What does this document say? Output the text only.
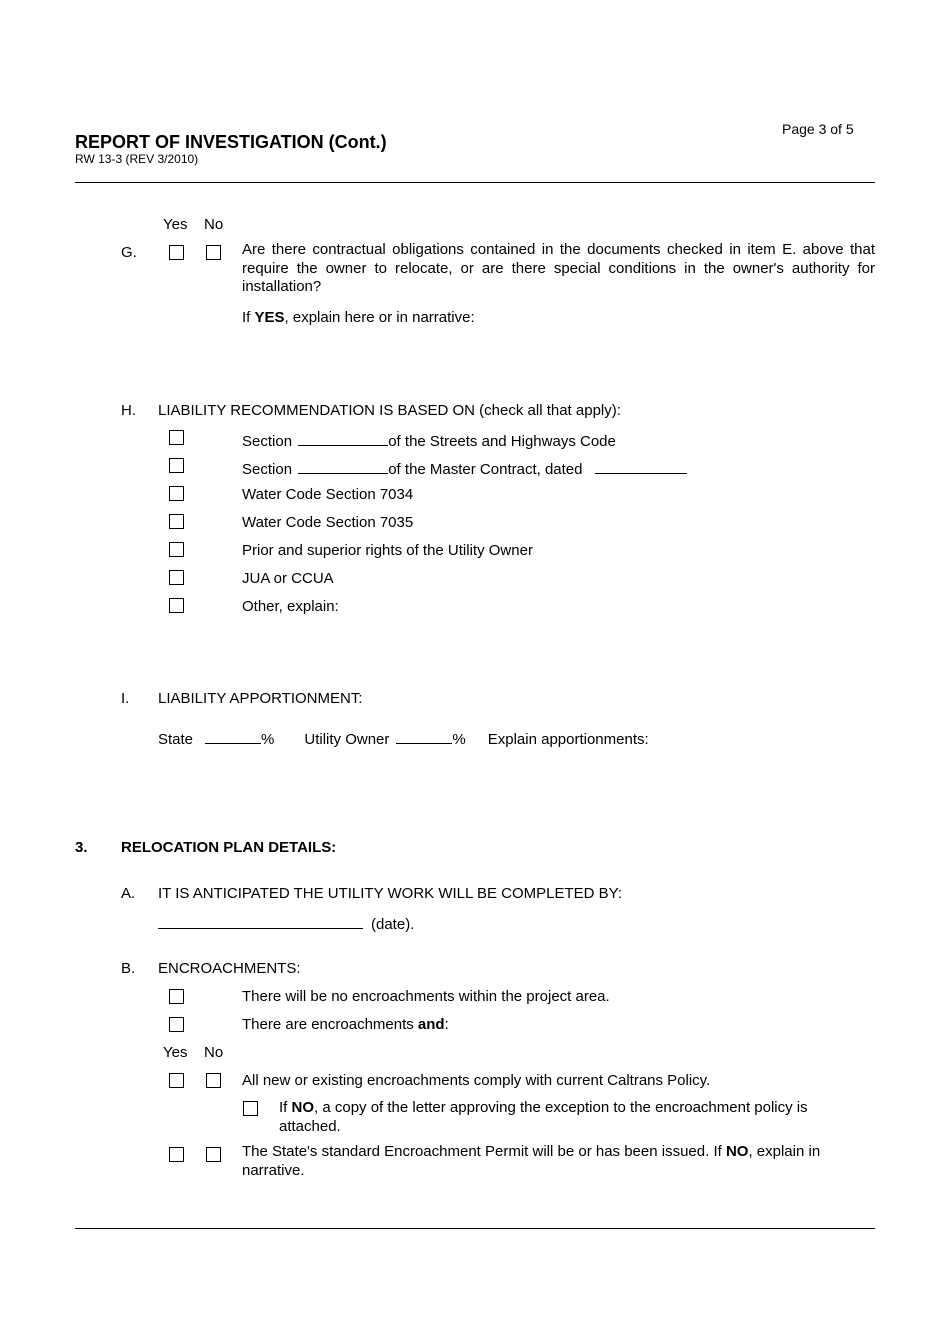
REPORT OF INVESTIGATION (Cont.)
RW 13-3 (REV 3/2010)
Page 3 of 5
Yes No
G.	Are there contractual obligations contained in the documents checked in item E. above that require the owner to relocate, or are there special conditions in the owner's authority for installation?
If YES, explain here or in narrative:
H. LIABILITY RECOMMENDATION IS BASED ON (check all that apply):
Section	of the Streets and Highways Code
Section	of the Master Contract, dated
Water Code Section 7034
Water Code Section 7035
Prior and superior rights of the Utility Owner
JUA or CCUA
Other, explain:
I. LIABILITY APPORTIONMENT:
State	% Utility Owner	% Explain apportionments:
3. RELOCATION PLAN DETAILS:
A. IT IS ANTICIPATED THE UTILITY WORK WILL BE COMPLETED BY:
(date).
B. ENCROACHMENTS:
There will be no encroachments within the project area.
There are encroachments and:
Yes No
All new or existing encroachments comply with current Caltrans Policy.
If NO, a copy of the letter approving the exception to the encroachment policy is attached.
The State's standard Encroachment Permit will be or has been issued. If NO, explain in narrative.
